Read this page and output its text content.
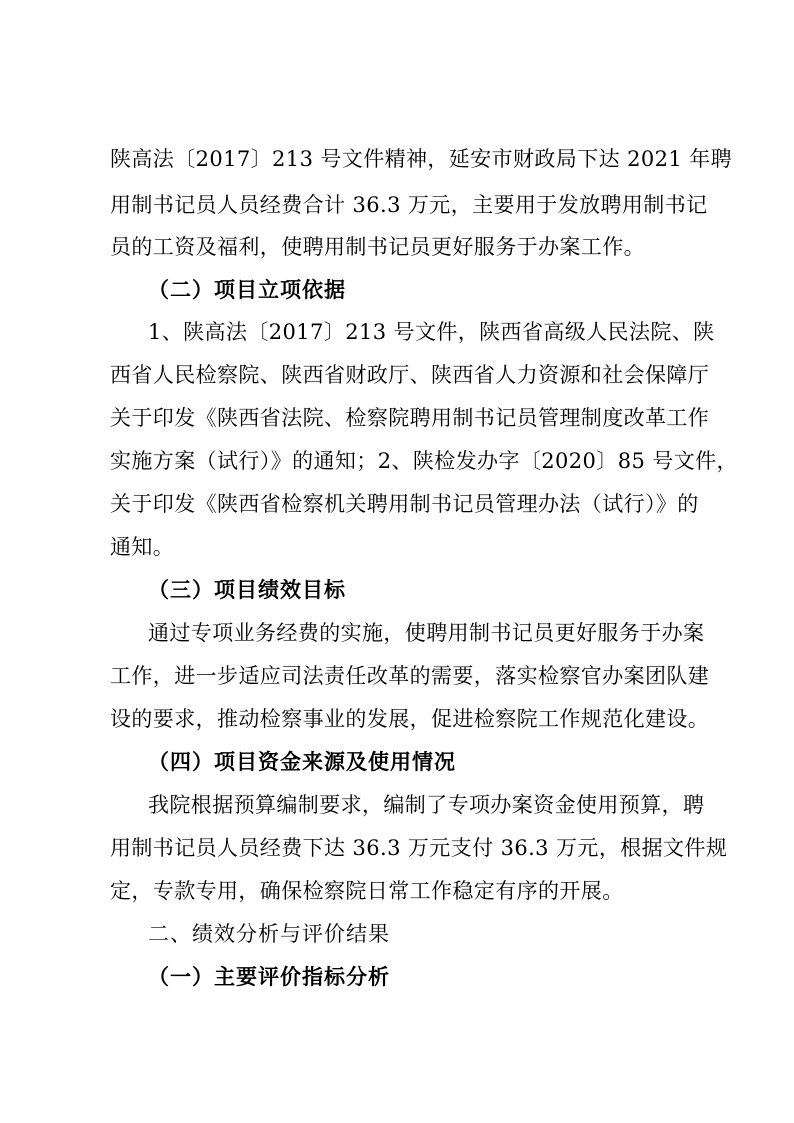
陕高法〔2017〕213 号文件精神，延安市财政局下达 2021 年聘
用制书记员人员经费合计 36.3 万元，主要用于发放聘用制书记
员的工资及福利，使聘用制书记员更好服务于办案工作。
（二）项目立项依据
1、陕高法〔2017〕213 号文件，陕西省高级人民法院、陕
西省人民检察院、陕西省财政厅、陕西省人力资源和社会保障厅
关于印发《陕西省法院、检察院聘用制书记员管理制度改革工作
实施方案（试行）》的通知；2、陕检发办字〔2020〕85 号文件，
关于印发《陕西省检察机关聘用制书记员管理办法（试行）》的
通知。
（三）项目绩效目标
通过专项业务经费的实施，使聘用制书记员更好服务于办案
工作，进一步适应司法责任改革的需要，落实检察官办案团队建
设的要求，推动检察事业的发展，促进检察院工作规范化建设。
（四）项目资金来源及使用情况
我院根据预算编制要求，编制了专项办案资金使用预算，聘
用制书记员人员经费下达 36.3 万元支付 36.3 万元，根据文件规
定，专款专用，确保检察院日常工作稳定有序的开展。
二、绩效分析与评价结果
（一）主要评价指标分析
